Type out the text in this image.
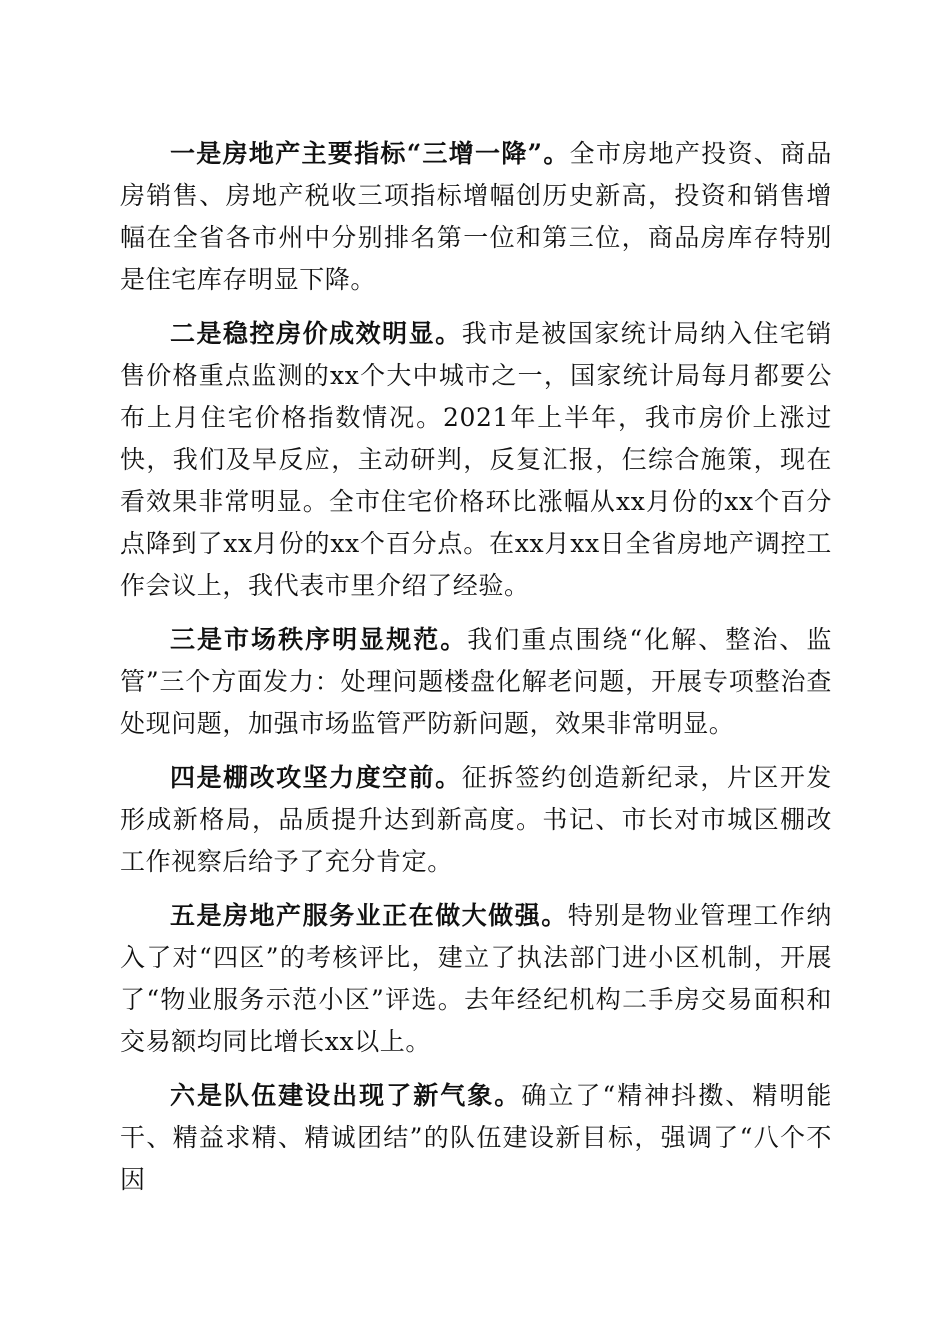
一是房地产主要指标“三增一降”。全市房地产投资、商品房销售、房地产税收三项指标增幅创历史新高，投资和销售增幅在全省各市州中分别排名第一位和第三位，商品房库存特别是住宅库存明显下降。

二是稳控房价成效明显。我市是被国家统计局纳入住宅销售价格重点监测的xx个大中城市之一，国家统计局每月都要公布上月住宅价格指数情况。2021年上半年，我市房价上涨过快，我们及早反应，主动研判，反复汇报，仨综合施策，现在看效果非常明显。全市住宅价格环比涨幅从xx月份的xx个百分点降到了xx月份的xx个百分点。在xx月xx日全省房地产调控工作会议上，我代表市里介绍了经验。

三是市场秩序明显规范。我们重点围绕“化解、整治、监管”三个方面发力：处理问题楼盘化解老问题，开展专项整治查处现问题，加强市场监管严防新问题，效果非常明显。

四是棚改攻坚力度空前。征拆签约创造新纪录，片区开发形成新格局，品质提升达到新高度。书记、市长对市城区棚改工作视察后给予了充分肯定。

五是房地产服务业正在做大做强。特别是物业管理工作纳入了对“四区”的考核评比，建立了执法部门进小区机制，开展了“物业服务示范小区”评选。去年经纪机构二手房交易面积和交易额均同比增长xx以上。

六是队伍建设出现了新气象。确立了“精神抖擞、精明能干、精益求精、精诚团结”的队伍建设新目标，强调了“八个不因
